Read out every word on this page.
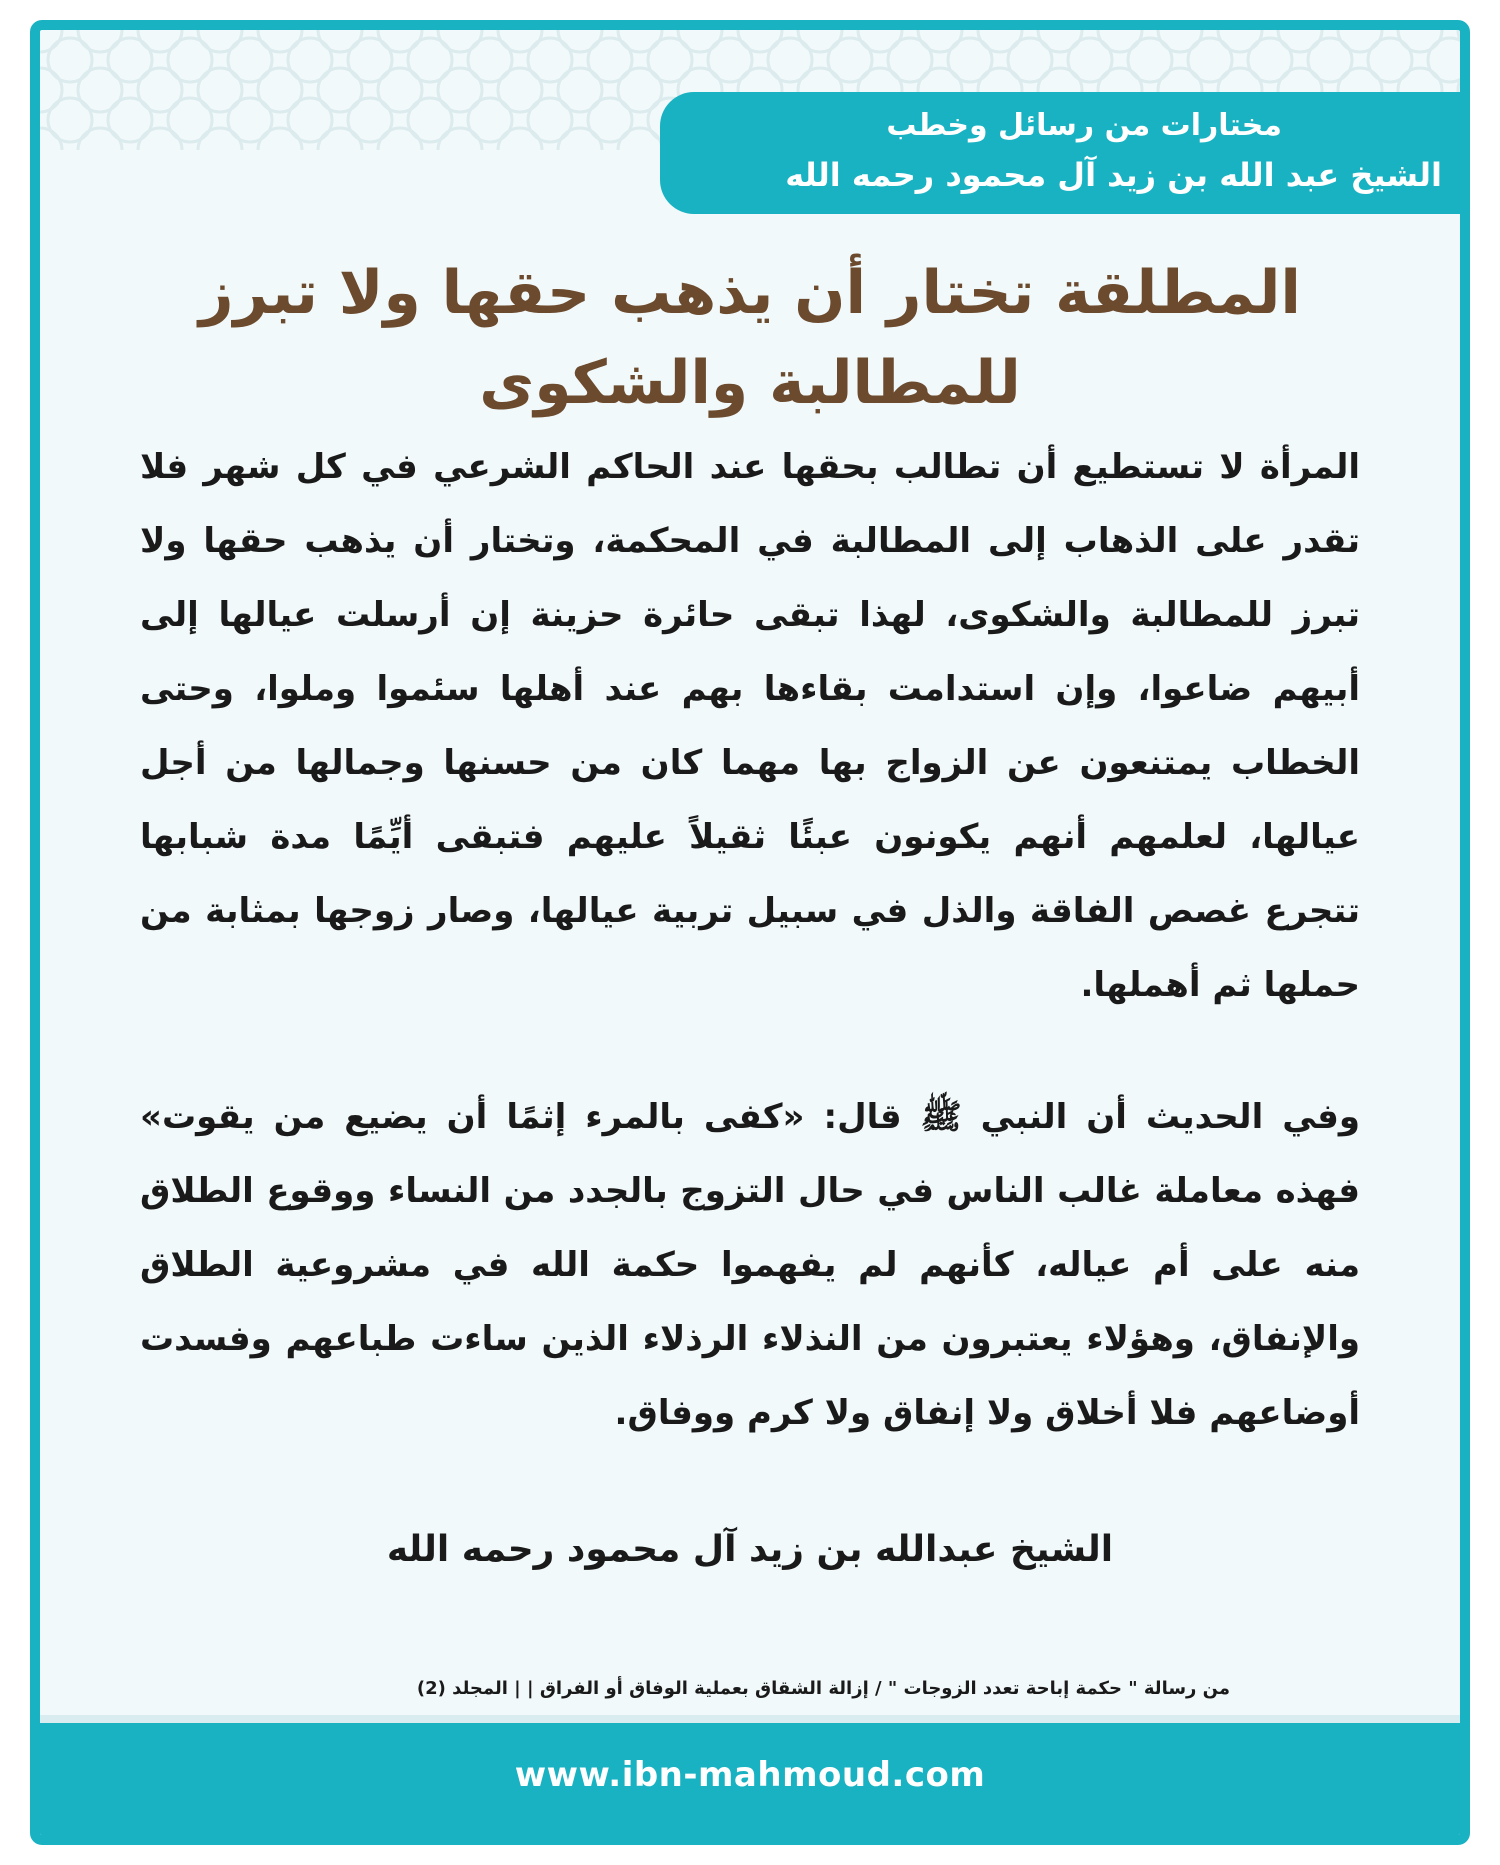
مختارات من رسائل وخطب
الشيخ عبد الله بن زيد آل محمود رحمه الله
المطلقة تختار أن يذهب حقها ولا تبرز للمطالبة والشكوى

المرأة لا تستطيع أن تطالب بحقها عند الحاكم الشرعي في كل شهر فلا تقدر على الذهاب إلى المطالبة في المحكمة، وتختار أن يذهب حقها ولا تبرز للمطالبة والشكوى، لهذا تبقى حائرة حزينة إن أرسلت عيالها إلى أبيهم ضاعوا، وإن استدامت بقاءها بهم عند أهلها سئموا وملوا، وحتى الخطاب يمتنعون عن الزواج بها مهما كان من حسنها وجمالها من أجل عيالها، لعلمهم أنهم يكونون عبئًا ثقيلاً عليهم فتبقى أيِّمًا مدة شبابها تتجرع غصص الفاقة والذل في سبيل تربية عيالها، وصار زوجها بمثابة من حملها ثم أهملها.

وفي الحديث أن النبي ﷺ قال: «كفى بالمرء إثمًا أن يضيع من يقوت» فهذه معاملة غالب الناس في حال التزوج بالجدد من النساء ووقوع الطلاق منه على أم عياله، كأنهم لم يفهموا حكمة الله في مشروعية الطلاق والإنفاق، وهؤلاء يعتبرون من النذلاء الرذلاء الذين ساءت طباعهم وفسدت أوضاعهم فلا أخلاق ولا إنفاق ولا كرم ووفاق.

الشيخ عبدالله بن زيد آل محمود رحمه الله
من رسالة " حكمة إباحة تعدد الزوجات " / إزالة الشقاق بعملية الوفاق أو الفراق | | المجلد (2)
www.ibn-mahmoud.com
